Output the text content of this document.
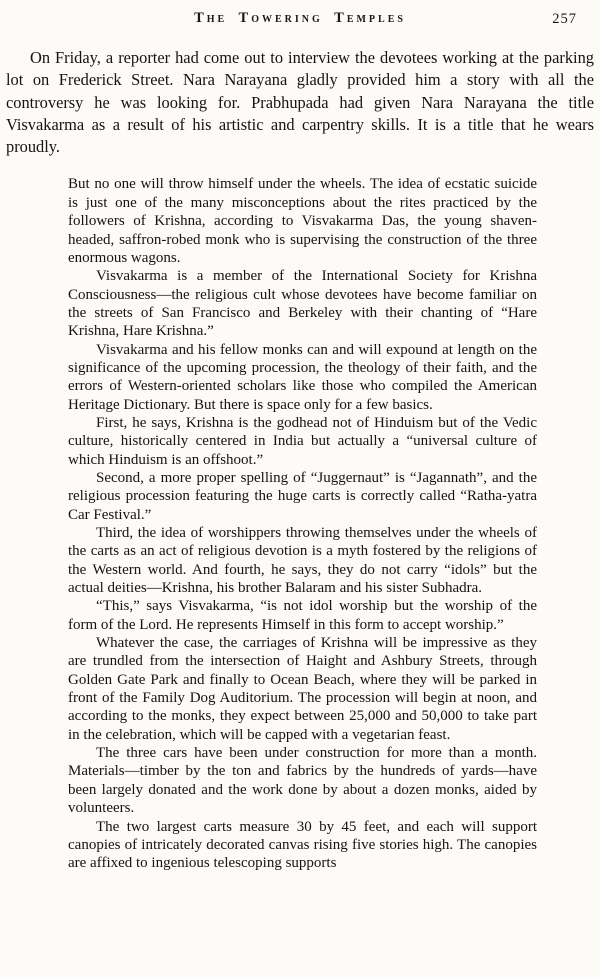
The Towering Temples	257

On Friday, a reporter had come out to interview the devotees working at the parking lot on Frederick Street. Nara Narayana gladly provided him a story with all the controversy he was looking for. Prabhupada had given Nara Narayana the title Visvakarma as a result of his artistic and carpentry skills. It is a title that he wears proudly.

But no one will throw himself under the wheels. The idea of ecstatic suicide is just one of the many misconceptions about the rites practiced by the followers of Krishna, according to Visvakarma Das, the young shaven-headed, saffron-robed monk who is supervising the construction of the three enormous wagons.

Visvakarma is a member of the International Society for Krishna Consciousness—the religious cult whose devotees have become familiar on the streets of San Francisco and Berkeley with their chanting of “Hare Krishna, Hare Krishna.”

Visvakarma and his fellow monks can and will expound at length on the significance of the upcoming procession, the theology of their faith, and the errors of Western-oriented scholars like those who compiled the American Heritage Dictionary. But there is space only for a few basics.

First, he says, Krishna is the godhead not of Hinduism but of the Vedic culture, historically centered in India but actually a “universal culture of which Hinduism is an offshoot.”

Second, a more proper spelling of “Juggernaut” is “Jagannath”, and the religious procession featuring the huge carts is correctly called “Ratha-yatra Car Festival.”

Third, the idea of worshippers throwing themselves under the wheels of the carts as an act of religious devotion is a myth fostered by the religions of the Western world. And fourth, he says, they do not carry “idols” but the actual deities—Krishna, his brother Balaram and his sister Subhadra.

“This,” says Visvakarma, “is not idol worship but the worship of the form of the Lord. He represents Himself in this form to accept worship.”

Whatever the case, the carriages of Krishna will be impressive as they are trundled from the intersection of Haight and Ashbury Streets, through Golden Gate Park and finally to Ocean Beach, where they will be parked in front of the Family Dog Auditorium. The procession will begin at noon, and according to the monks, they expect between 25,000 and 50,000 to take part in the celebration, which will be capped with a vegetarian feast.

The three cars have been under construction for more than a month. Materials—timber by the ton and fabrics by the hundreds of yards—have been largely donated and the work done by about a dozen monks, aided by volunteers.

The two largest carts measure 30 by 45 feet, and each will support canopies of intricately decorated canvas rising five stories high. The canopies are affixed to ingenious telescoping supports
